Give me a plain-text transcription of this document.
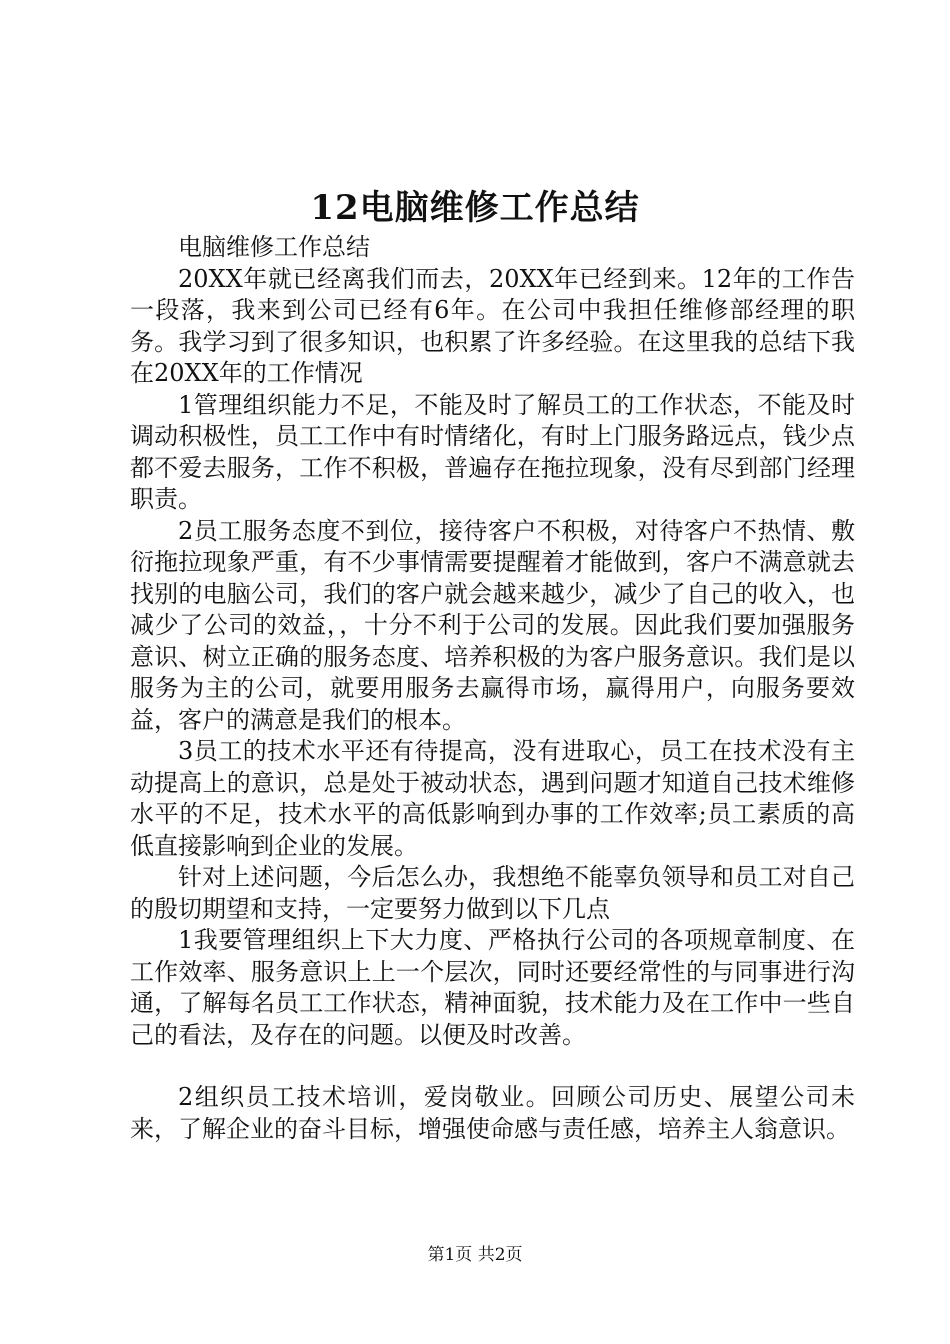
12电脑维修工作总结

电脑维修工作总结

20XX年就已经离我们而去，20XX年已经到来。12年的工作告一段落，我来到公司已经有6年。在公司中我担任维修部经理的职务。我学习到了很多知识，也积累了许多经验。在这里我的总结下我在20XX年的工作情况

1管理组织能力不足，不能及时了解员工的工作状态，不能及时调动积极性，员工工作中有时情绪化，有时上门服务路远点，钱少点都不爱去服务，工作不积极，普遍存在拖拉现象，没有尽到部门经理职责。

2员工服务态度不到位，接待客户不积极，对待客户不热情、敷衍拖拉现象严重，有不少事情需要提醒着才能做到，客户不满意就去找别的电脑公司，我们的客户就会越来越少，减少了自己的收入，也减少了公司的效益，，十分不利于公司的发展。因此我们要加强服务意识、树立正确的服务态度、培养积极的为客户服务意识。我们是以服务为主的公司，就要用服务去赢得市场，赢得用户，向服务要效益，客户的满意是我们的根本。

3员工的技术水平还有待提高，没有进取心，员工在技术没有主动提高上的意识，总是处于被动状态，遇到问题才知道自己技术维修水平的不足，技术水平的高低影响到办事的工作效率;员工素质的高低直接影响到企业的发展。

针对上述问题，今后怎么办，我想绝不能辜负领导和员工对自己的殷切期望和支持，一定要努力做到以下几点

1我要管理组织上下大力度、严格执行公司的各项规章制度、在工作效率、服务意识上上一个层次，同时还要经常性的与同事进行沟通，了解每名员工工作状态，精神面貌，技术能力及在工作中一些自己的看法，及存在的问题。以便及时改善。

2组织员工技术培训，爱岗敬业。回顾公司历史、展望公司未来，了解企业的奋斗目标，增强使命感与责任感，培养主人翁意识。

第1页 共2页
